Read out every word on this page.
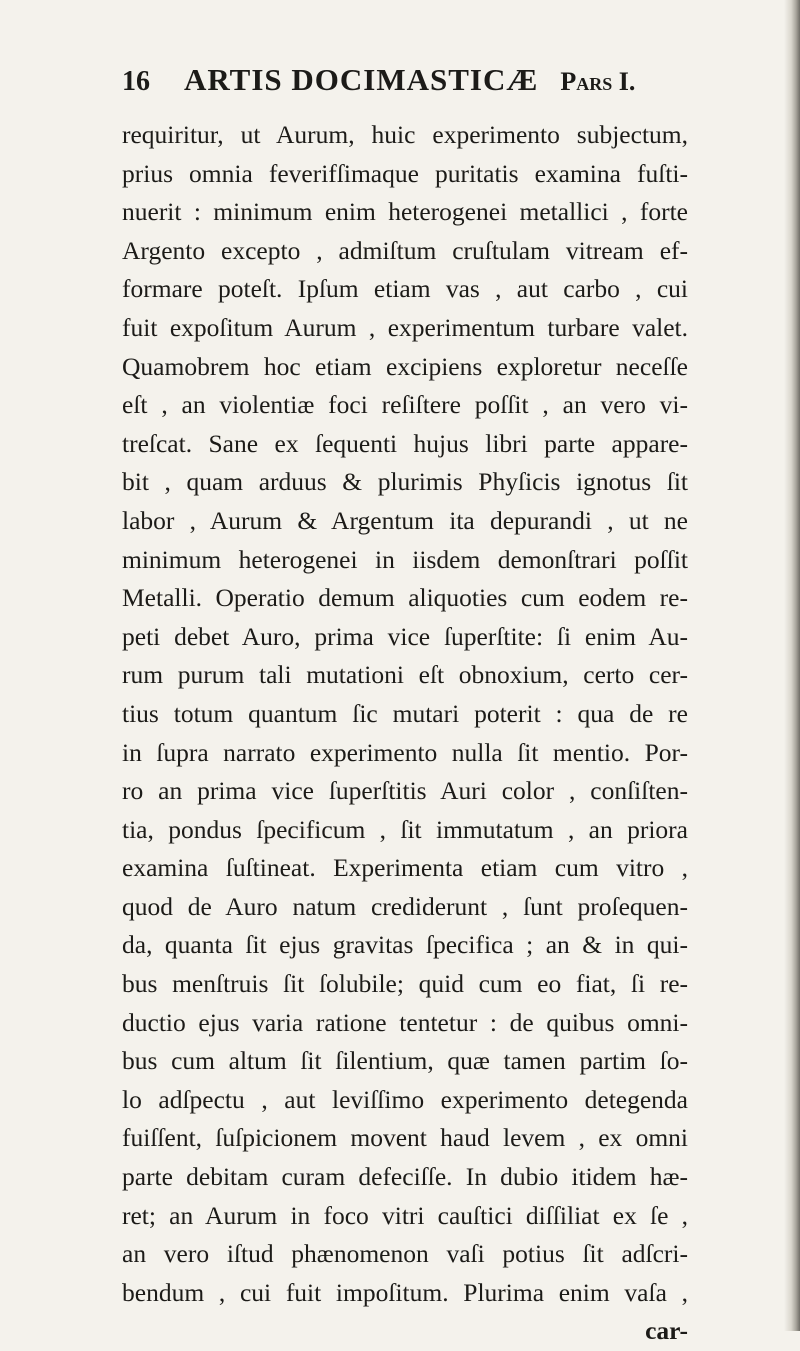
16	ARTIS DOCIMASTICÆ Pars I.
requiritur, ut Aurum, huic experimento subjectum,
prius omnia feverifſimaque puritatis examina fuſti-
nuerit : minimum enim heterogenei metallici , forte
Argento excepto , admiſtum cruſtulam vitream ef-
formare poteſt. Ipſum etiam vas , aut carbo , cui
fuit expoſitum Aurum , experimentum turbare valet.
Quamobrem hoc etiam excipiens exploretur neceſſe
eſt , an violentiæ foci reſiſtere poſſit , an vero vi-
treſcat. Sane ex ſequenti hujus libri parte appare-
bit , quam arduus & plurimis Phyſicis ignotus ſit
labor , Aurum & Argentum ita depurandi , ut ne
minimum heterogenei in iisdem demonſtrari poſſit
Metalli. Operatio demum aliquoties cum eodem re-
peti debet Auro, prima vice ſuperſtite: ſi enim Au-
rum purum tali mutationi eſt obnoxium, certo cer-
tius totum quantum ſic mutari poterit : qua de re
in ſupra narrato experimento nulla ſit mentio. Por-
ro an prima vice ſuperſtitis Auri color , conſiſten-
tia, pondus ſpecificum , ſit immutatum , an priora
examina ſuſtineat. Experimenta etiam cum vitro ,
quod de Auro natum crediderunt , ſunt proſequen-
da, quanta ſit ejus gravitas ſpecifica ; an & in qui-
bus menſtruis ſit ſolubile; quid cum eo fiat, ſi re-
ductio ejus varia ratione tentetur : de quibus omni-
bus cum altum ſit ſilentium, quæ tamen partim ſo-
lo adſpectu , aut leviſſimo experimento detegenda
fuiſſent, ſuſpicionem movent haud levem , ex omni
parte debitam curam defeciſſe. In dubio itidem hæ-
ret; an Aurum in foco vitri cauſtici diſſiliat ex ſe ,
an vero iſtud phænomenon vaſi potius ſit adſcri-
bendum , cui fuit impoſitum. Plurima enim vaſa ,
car-
